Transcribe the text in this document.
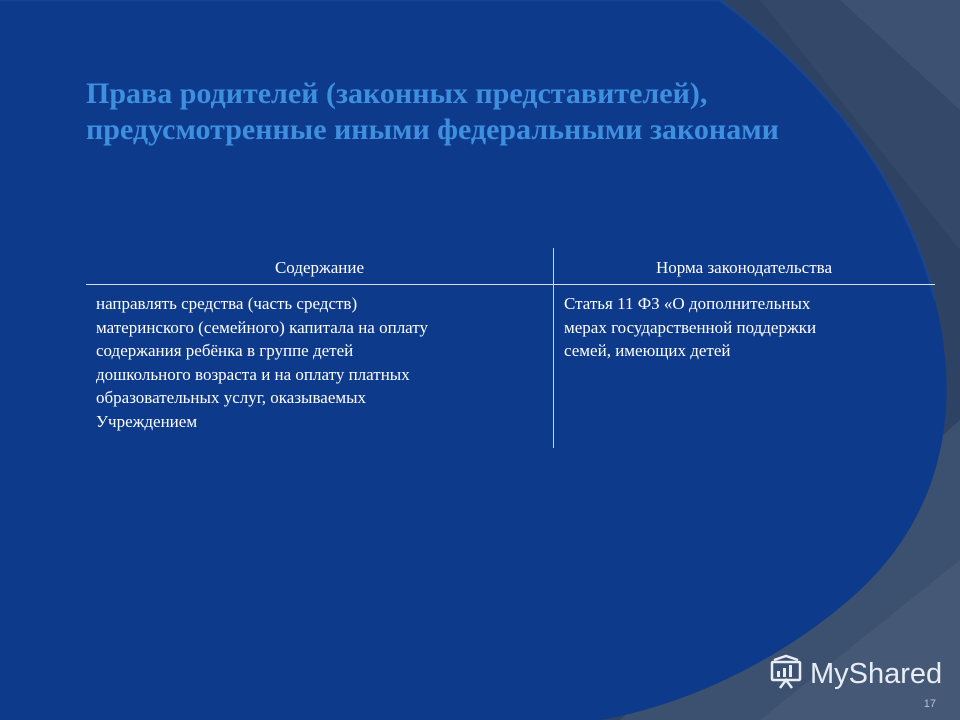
Права родителей (законных представителей),
предусмотренные иными федеральными законами
Содержание	Норма законодательства
направлять средства (часть средств)
материнского (семейного) капитала на оплату
содержания ребёнка в группе детей
дошкольного возраста и на оплату платных
образовательных услуг, оказываемых
Учреждением
Статья 11 ФЗ «О дополнительных
мерах государственной поддержки
семей, имеющих детей
MyShared
17
